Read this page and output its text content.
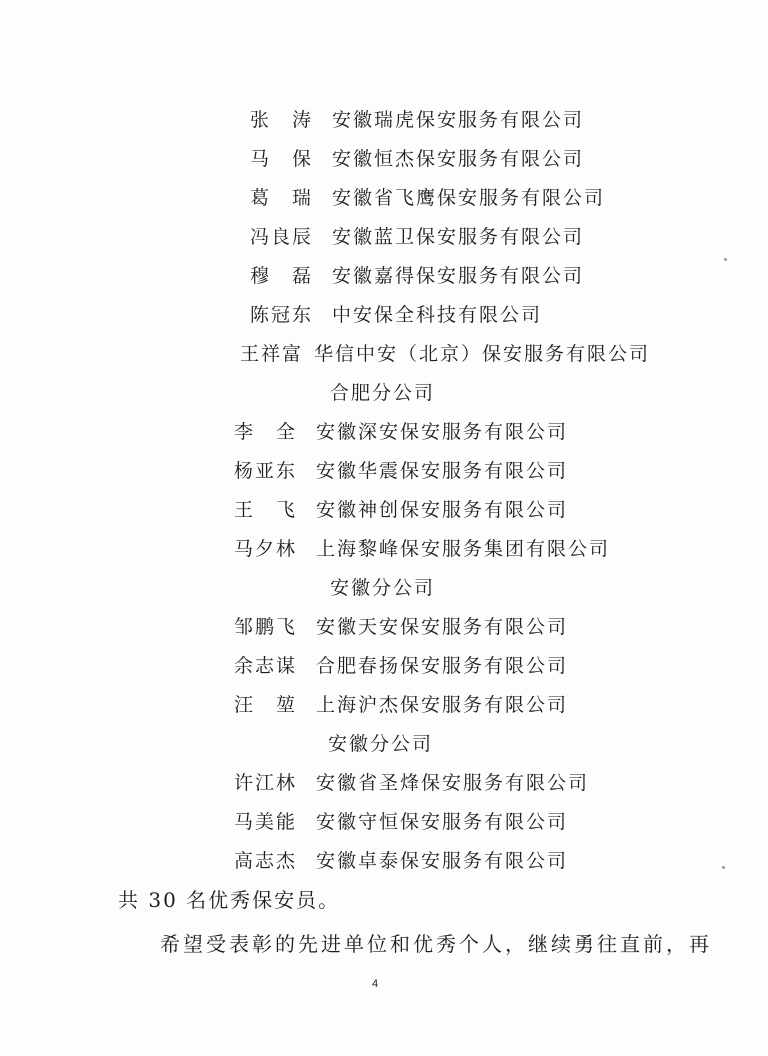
张　涛 安徽瑞虎保安服务有限公司
马　保 安徽恒杰保安服务有限公司
葛　瑞 安徽省飞鹰保安服务有限公司
冯良辰 安徽蓝卫保安服务有限公司
穆　磊 安徽嘉得保安服务有限公司
陈冠东 中安保全科技有限公司
王祥富 华信中安（北京）保安服务有限公司
合肥分公司
李　全 安徽深安保安服务有限公司
杨亚东 安徽华震保安服务有限公司
王　飞 安徽神创保安服务有限公司
马夕林 上海黎峰保安服务集团有限公司
安徽分公司
邹鹏飞 安徽天安保安服务有限公司
余志谋 合肥春扬保安服务有限公司
汪　堃 上海沪杰保安服务有限公司
安徽分公司
许江林 安徽省圣烽保安服务有限公司
马美能 安徽守恒保安服务有限公司
高志杰 安徽卓泰保安服务有限公司
共 30 名优秀保安员。
希望受表彰的先进单位和优秀个人，继续勇往直前，再
4
